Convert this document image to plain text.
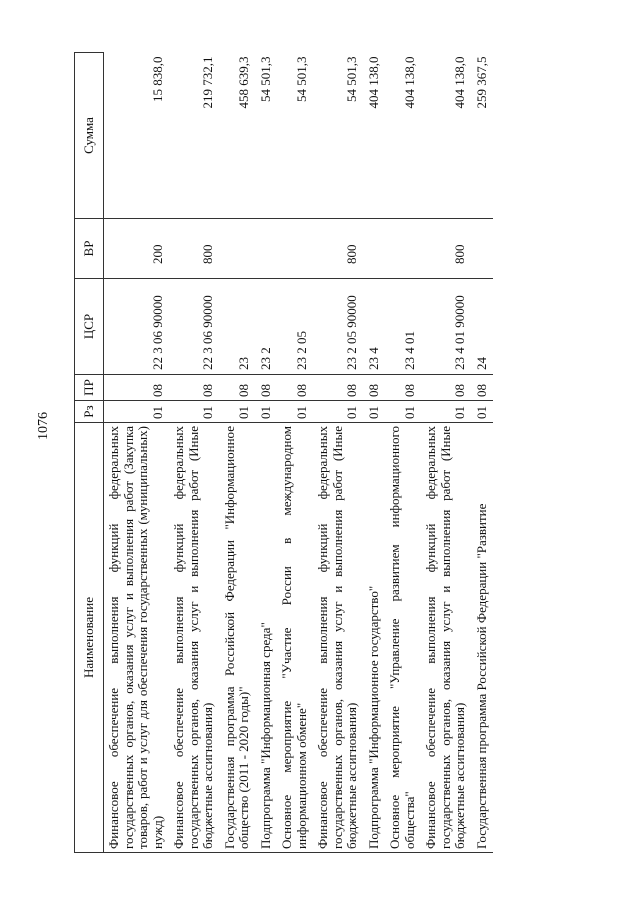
1076
Наименование	Рз	ПР	ЦСР	ВР	Сумма
Финансовое обеспечение выполнения функций федеральных государственных органов, оказания услуг и выполнения работ (Закупка товаров, работ и услуг для обеспечения государственных (муниципальных) нужд)	01	08	22 3 06 90000	200	15 838,0
Финансовое обеспечение выполнения функций федеральных государственных органов, оказания услуг и выполнения работ (Иные бюджетные ассигнования)	01	08	22 3 06 90000	800	219 732,1
Государственная программа Российской Федерации "Информационное общество (2011 - 2020 годы)"	01	08	23		458 639,3
Подпрограмма "Информационная среда"	01	08	23 2		54 501,3
Основное мероприятие "Участие России в международном информационном обмене"	01	08	23 2 05		54 501,3
Финансовое обеспечение выполнения функций федеральных государственных органов, оказания услуг и выполнения работ (Иные бюджетные ассигнования)	01	08	23 2 05 90000	800	54 501,3
Подпрограмма "Информационное государство"	01	08	23 4		404 138,0
Основное мероприятие "Управление развитием информационного общества"	01	08	23 4 01		404 138,0
Финансовое обеспечение выполнения функций федеральных государственных органов, оказания услуг и выполнения работ (Иные бюджетные ассигнования)	01	08	23 4 01 90000	800	404 138,0
Государственная программа Российской Федерации "Развитие	01	08	24		259 367,5
